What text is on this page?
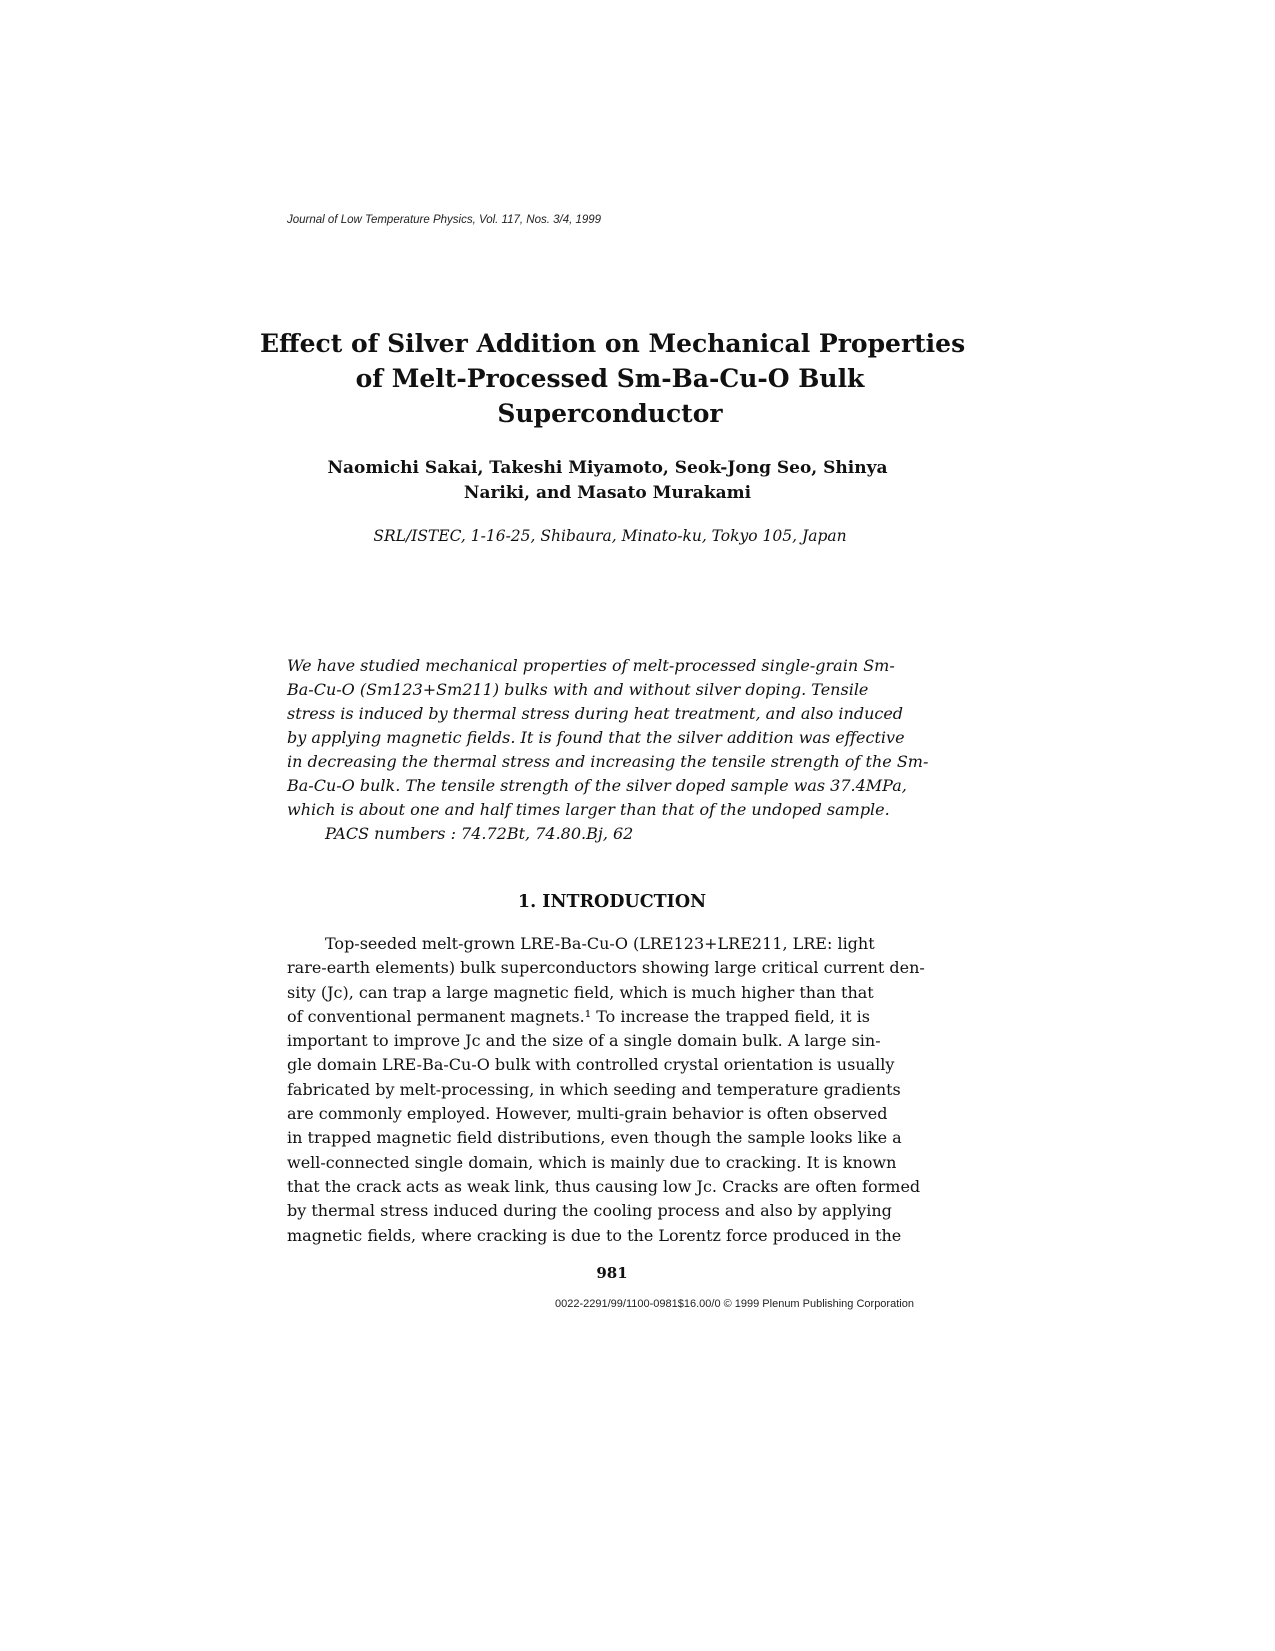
Journal of Low Temperature Physics, Vol. 117, Nos. 3/4, 1999
Effect of Silver Addition on Mechanical Properties
of Melt-Processed Sm-Ba-Cu-O Bulk
Superconductor
Naomichi Sakai, Takeshi Miyamoto, Seok-Jong Seo, Shinya
Nariki, and Masato Murakami
SRL/ISTEC, 1-16-25, Shibaura, Minato-ku, Tokyo 105, Japan
We have studied mechanical properties of melt-processed single-grain Sm-
Ba-Cu-O (Sm123+Sm211) bulks with and without silver doping. Tensile
stress is induced by thermal stress during heat treatment, and also induced
by applying magnetic fields. It is found that the silver addition was effective
in decreasing the thermal stress and increasing the tensile strength of the Sm-
Ba-Cu-O bulk. The tensile strength of the silver doped sample was 37.4MPa,
which is about one and half times larger than that of the undoped sample.
PACS numbers : 74.72Bt, 74.80.Bj, 62
1. INTRODUCTION
Top-seeded melt-grown LRE-Ba-Cu-O (LRE123+LRE211, LRE: light
rare-earth elements) bulk superconductors showing large critical current den-
sity (Jc), can trap a large magnetic field, which is much higher than that
of conventional permanent magnets.¹ To increase the trapped field, it is
important to improve Jc and the size of a single domain bulk. A large sin-
gle domain LRE-Ba-Cu-O bulk with controlled crystal orientation is usually
fabricated by melt-processing, in which seeding and temperature gradients
are commonly employed. However, multi-grain behavior is often observed
in trapped magnetic field distributions, even though the sample looks like a
well-connected single domain, which is mainly due to cracking. It is known
that the crack acts as weak link, thus causing low Jc. Cracks are often formed
by thermal stress induced during the cooling process and also by applying
magnetic fields, where cracking is due to the Lorentz force produced in the
981
0022-2291/99/1100-0981$16.00/0 © 1999 Plenum Publishing Corporation
